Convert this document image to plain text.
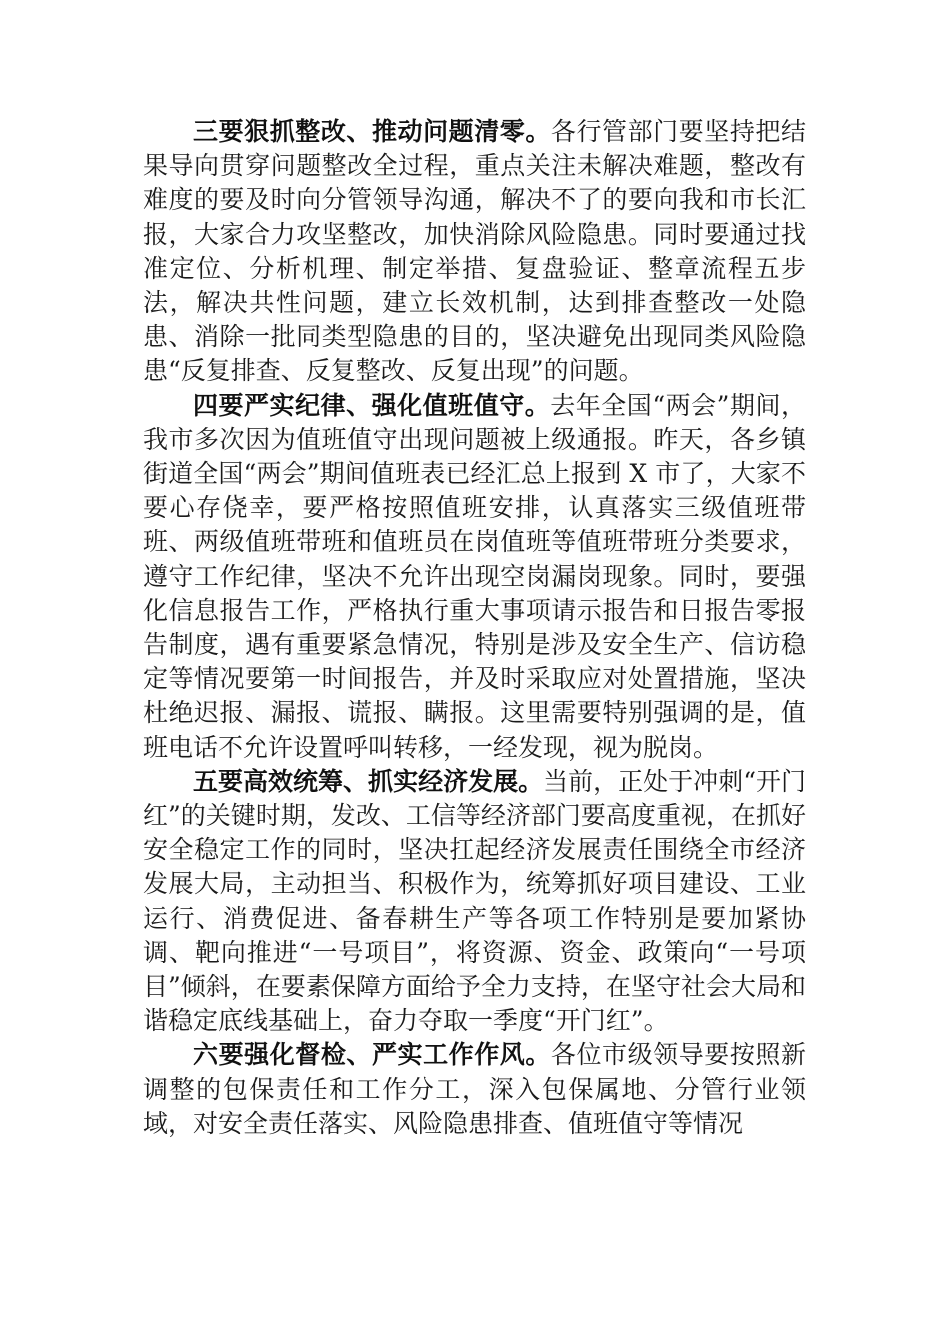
三要狠抓整改、推动问题清零。各行管部门要坚持把结果导向贯穿问题整改全过程，重点关注未解决难题，整改有难度的要及时向分管领导沟通，解决不了的要向我和市长汇报，大家合力攻坚整改，加快消除风险隐患。同时要通过找准定位、分析机理、制定举措、复盘验证、整章流程五步法，解决共性问题，建立长效机制，达到排查整改一处隐患、消除一批同类型隐患的目的，坚决避免出现同类风险隐患“反复排查、反复整改、反复出现”的问题。

四要严实纪律、强化值班值守。去年全国“两会”期间，我市多次因为值班值守出现问题被上级通报。昨天，各乡镇街道全国“两会”期间值班表已经汇总上报到 X 市了，大家不要心存侥幸，要严格按照值班安排，认真落实三级值班带班、两级值班带班和值班员在岗值班等值班带班分类要求，遵守工作纪律，坚决不允许出现空岗漏岗现象。同时，要强化信息报告工作，严格执行重大事项请示报告和日报告零报告制度，遇有重要紧急情况，特别是涉及安全生产、信访稳定等情况要第一时间报告，并及时采取应对处置措施，坚决杜绝迟报、漏报、谎报、瞒报。这里需要特别强调的是，值班电话不允许设置呼叫转移，一经发现，视为脱岗。

五要高效统筹、抓实经济发展。当前，正处于冲刺“开门红”的关键时期，发改、工信等经济部门要高度重视，在抓好安全稳定工作的同时，坚决扛起经济发展责任围绕全市经济发展大局，主动担当、积极作为，统筹抓好项目建设、工业运行、消费促进、备春耕生产等各项工作特别是要加紧协调、靶向推进“一号项目”，将资源、资金、政策向“一号项目”倾斜，在要素保障方面给予全力支持，在坚守社会大局和谐稳定底线基础上，奋力夺取一季度“开门红”。

六要强化督检、严实工作作风。各位市级领导要按照新调整的包保责任和工作分工，深入包保属地、分管行业领域，对安全责任落实、风险隐患排查、值班值守等情况
